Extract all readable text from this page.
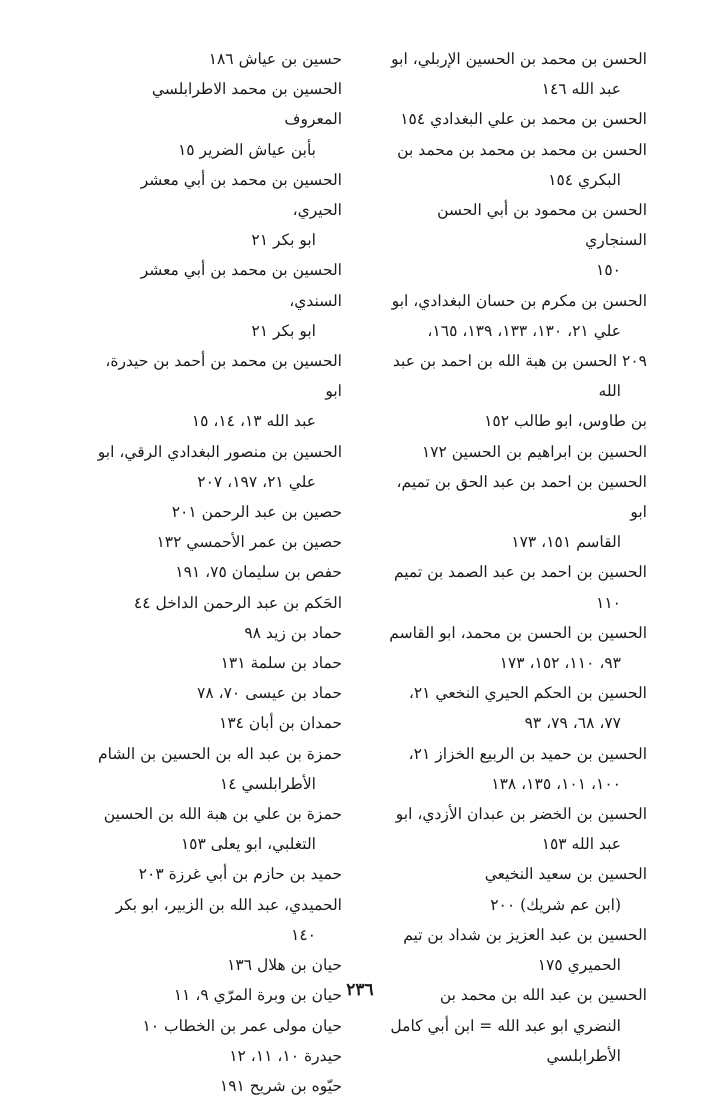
الحسن بن محمد بن الحسين الإربلي، ابو
عبد الله ١٤٦
الحسن بن محمد بن علي البغدادي ١٥٤
الحسن بن محمد بن محمد بن محمد بن
البكري ١٥٤
الحسن بن محمود بن أبي الحسن السنجاري
١٥٠
الحسن بن مكرم بن حسان البغدادي، ابو
علي ٢١، ١٣٠، ١٣٣، ١٣٩، ١٦٥،
٢٠٩ الحسن بن هبة الله بن احمد بن عبد
الله
بن طاوس، ابو طالب ١٥٢
الحسين بن ابراهيم بن الحسين ١٧٢
الحسين بن احمد بن عبد الحق بن تميم، ابو
القاسم ١٥١، ١٧٣
الحسين بن احمد بن عبد الصمد بن تميم
١١٠
الحسين بن الحسن بن محمد، ابو القاسم
٩٣، ١١٠، ١٥٢، ١٧٣
الحسين بن الحكم الحيري النخعي ٢١،
٧٧، ٦٨، ٧٩، ٩٣
الحسين بن حميد بن الربيع الخزاز ٢١،
١٠٠، ١٠١، ١٣٥، ١٣٨
الحسين بن الخضر بن عبدان الأزدي، ابو
عبد الله ١٥٣
الحسين بن سعيد النخيعي
(ابن عم شريك) ٢٠٠
الحسين بن عبد العزيز بن شداد بن تيم
الحميري ١٧٥
الحسين بن عبد الله بن محمد بن
النضري ابو عبد الله = ابن أبي كامل
الأطرابلسي
حسين بن عياش ١٨٦
الحسين بن محمد الاطرابلسي المعروف
بأبن عياش الضرير ١٥
الحسين بن محمد بن أبي معشر الحيري،
ابو بكر ٢١
الحسين بن محمد بن أبي معشر السندي،
ابو بكر ٢١
الحسين بن محمد بن أحمد بن حيدرة، ابو
عبد الله ١٣، ١٤، ١٥
الحسين بن منصور البغدادي الرقي، ابو
علي ٢١، ١٩٧، ٢٠٧
حصين بن عبد الرحمن ٢٠١
حصين بن عمر الأحمسي ١٣٢
حفص بن سليمان ٧٥، ١٩١
الحَكم بن عبد الرحمن الداخل ٤٤
حماد بن زيد ٩٨
حماد بن سلمة ١٣١
حماد بن عيسى ٧٠، ٧٨
حمدان بن أبان ١٣٤
حمزة بن عبد اله بن الحسين بن الشام
الأطرابلسي ١٤
حمزة بن علي بن هبة الله بن الحسين
التغلبي، ابو يعلى ١٥٣
حميد بن حازم بن أبي غرزة ٢٠٣
الحميدي، عبد الله بن الزبير، ابو بكر
١٤٠
حيان بن هلال ١٣٦
حيان بن وبرة المرّي ٩، ١١
حيان مولى عمر بن الخطاب ١٠
حيدرة ١٠، ١١، ١٢
حيّوه بن شريح ١٩١
٢٣٦
